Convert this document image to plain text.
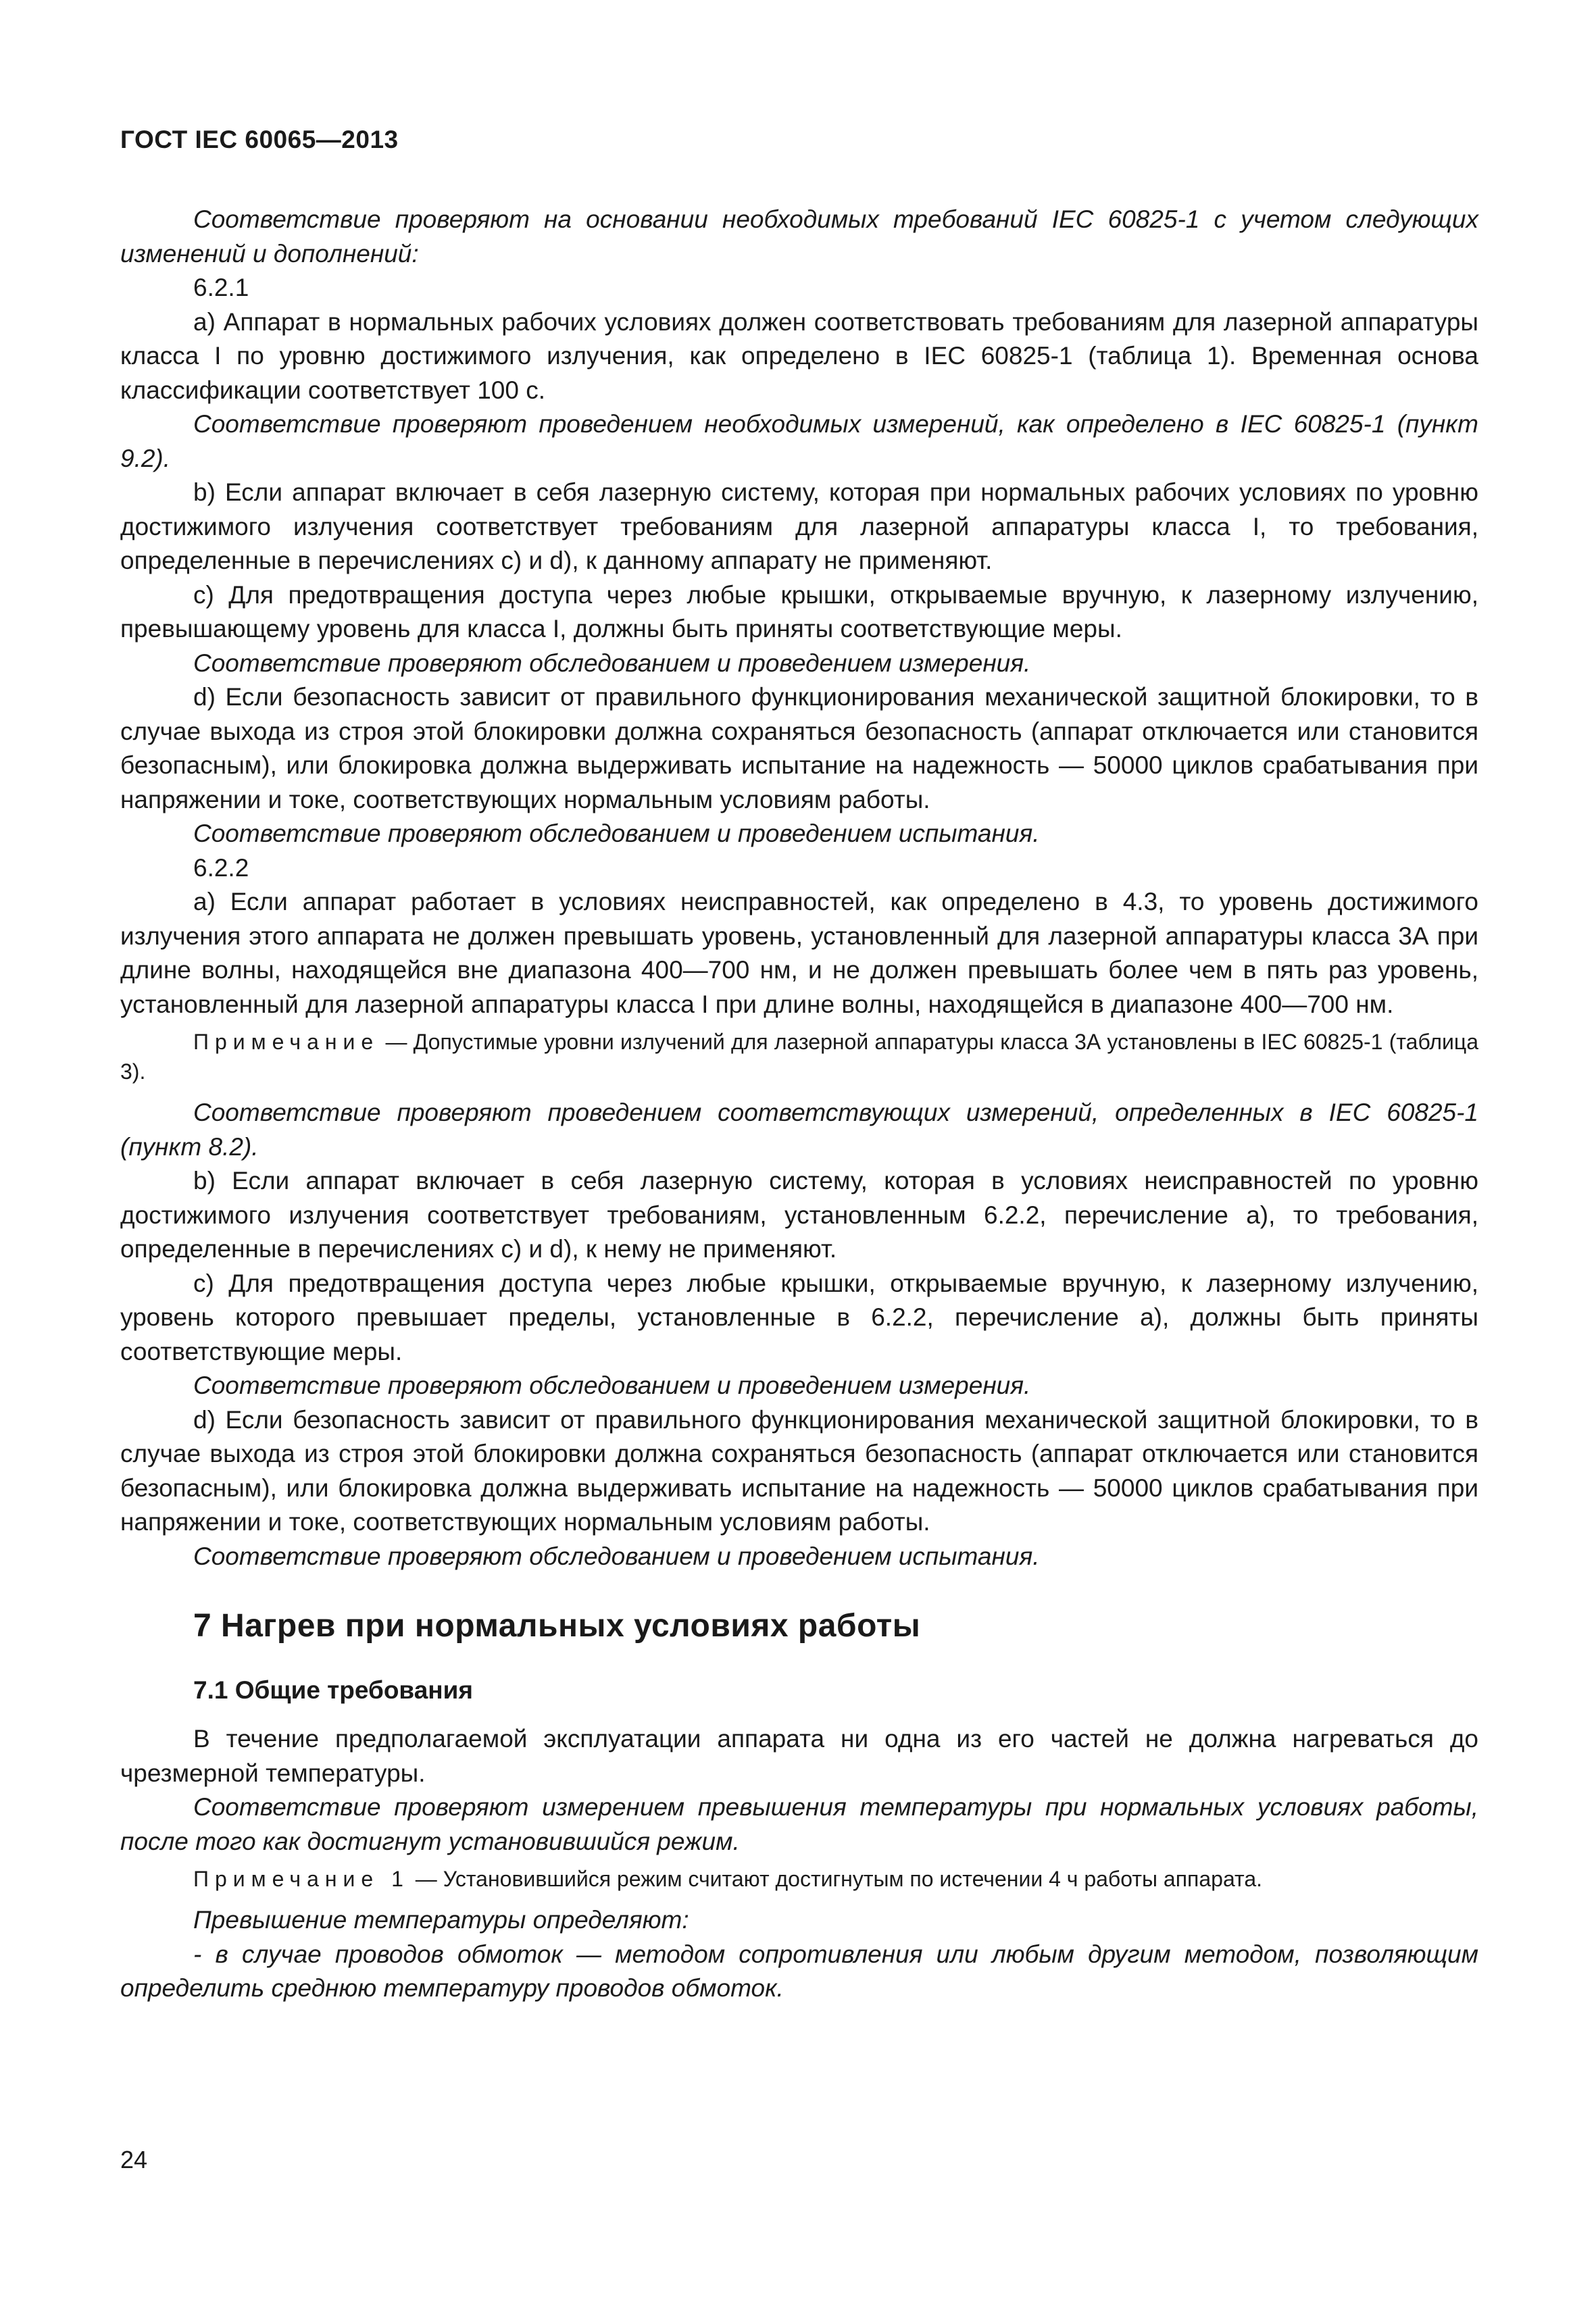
ГОСТ IEC 60065—2013

Соответствие проверяют на основании необходимых требований IEC 60825-1 с учетом следующих изменений и дополнений:

6.2.1

a) Аппарат в нормальных рабочих условиях должен соответствовать требованиям для лазерной аппаратуры класса I по уровню достижимого излучения, как определено в IEC 60825-1 (таблица 1). Временная основа классификации соответствует 100 с.

Соответствие проверяют проведением необходимых измерений, как определено в IEC 60825-1 (пункт 9.2).

b) Если аппарат включает в себя лазерную систему, которая при нормальных рабочих условиях по уровню достижимого излучения соответствует требованиям для лазерной аппаратуры класса I, то требования, определенные в перечислениях c) и d), к данному аппарату не применяют.

c) Для предотвращения доступа через любые крышки, открываемые вручную, к лазерному излучению, превышающему уровень для класса I, должны быть приняты соответствующие меры.

Соответствие проверяют обследованием и проведением измерения.

d) Если безопасность зависит от правильного функционирования механической защитной блокировки, то в случае выхода из строя этой блокировки должна сохраняться безопасность (аппарат отключается или становится безопасным), или блокировка должна выдерживать испытание на надежность — 50000 циклов срабатывания при напряжении и токе, соответствующих нормальным условиям работы.

Соответствие проверяют обследованием и проведением испытания.

6.2.2

a) Если аппарат работает в условиях неисправностей, как определено в 4.3, то уровень достижимого излучения этого аппарата не должен превышать уровень, установленный для лазерной аппаратуры класса 3А при длине волны, находящейся вне диапазона 400—700 нм, и не должен превышать более чем в пять раз уровень, установленный для лазерной аппаратуры класса I при длине волны, находящейся в диапазоне 400—700 нм.

Примечание — Допустимые уровни излучений для лазерной аппаратуры класса 3А установлены в IEC 60825-1 (таблица 3).

Соответствие проверяют проведением соответствующих измерений, определенных в IEC 60825-1 (пункт 8.2).

b) Если аппарат включает в себя лазерную систему, которая в условиях неисправностей по уровню достижимого излучения соответствует требованиям, установленным 6.2.2, перечисление a), то требования, определенные в перечислениях c) и d), к нему не применяют.

c) Для предотвращения доступа через любые крышки, открываемые вручную, к лазерному излучению, уровень которого превышает пределы, установленные в 6.2.2, перечисление a), должны быть приняты соответствующие меры.

Соответствие проверяют обследованием и проведением измерения.

d) Если безопасность зависит от правильного функционирования механической защитной блокировки, то в случае выхода из строя этой блокировки должна сохраняться безопасность (аппарат отключается или становится безопасным), или блокировка должна выдерживать испытание на надежность — 50000 циклов срабатывания при напряжении и токе, соответствующих нормальным условиям работы.

Соответствие проверяют обследованием и проведением испытания.

7 Нагрев при нормальных условиях работы
7.1 Общие требования

В течение предполагаемой эксплуатации аппарата ни одна из его частей не должна нагреваться до чрезмерной температуры.

Соответствие проверяют измерением превышения температуры при нормальных условиях работы, после того как достигнут установившийся режим.

Примечание 1 — Установившийся режим считают достигнутым по истечении 4 ч работы аппарата.

Превышение температуры определяют:

- в случае проводов обмоток — методом сопротивления или любым другим методом, позволяющим определить среднюю температуру проводов обмоток.

24
